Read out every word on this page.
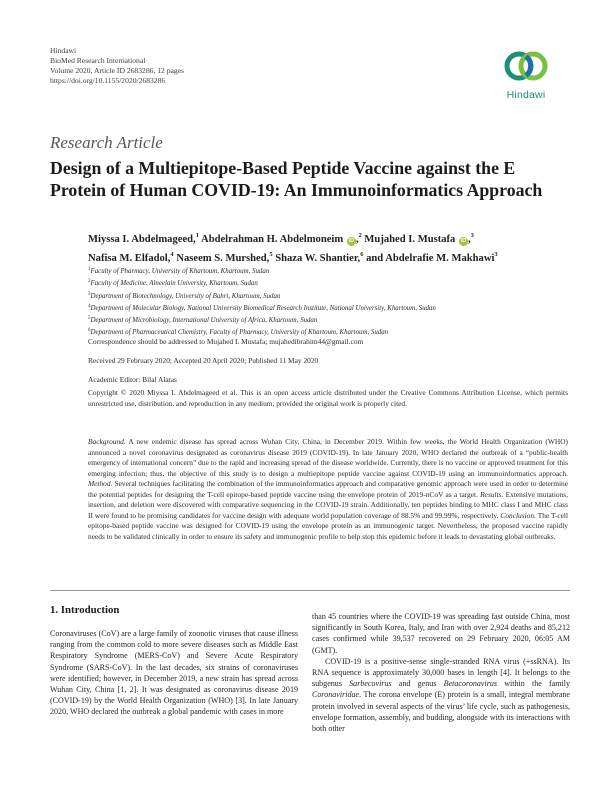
Hindawi
BioMed Research International
Volume 2020, Article ID 2683286, 12 pages
https://doi.org/10.1155/2020/2683286
Hindawi
Research Article
Design of a Multiepitope-Based Peptide Vaccine against the E Protein of Human COVID-19: An Immunoinformatics Approach
Miyssa I. Abdelmageed,$^1$ Abdelrahman H. Abdelmoneim iD ,$^2$ Mujahed I. Mustafa iD ,$^3$
Nafisa M. Elfadol,$^4$ Naseem S. Murshed,$^5$ Shaza W. Shantier,$^6$ and Abdelrafie M. Makhawi$^3$
$^1$Faculty of Pharmacy, University of Khartoum, Khartoum, Sudan
$^2$Faculty of Medicine, Alneelain University, Khartoum, Sudan
$^3$Department of Biotechnology, University of Bahri, Khartoum, Sudan
$^4$Department of Molecular Biology, National University Biomedical Research Institute, National University, Khartoum, Sudan
$^5$Department of Microbiology, International University of Africa, Khartoum, Sudan
$^6$Department of Pharmaceutical Chemistry, Faculty of Pharmacy, University of Khartoum, Khartoum, Sudan
Correspondence should be addressed to Mujahed I. Mustafa; mujahedibrahim44@gmail.com
Received 29 February 2020; Accepted 20 April 2020; Published 11 May 2020
Academic Editor: Bilal Alatas
Copyright © 2020 Miyssa I. Abdelmageed et al. This is an open access article distributed under the Creative Commons Attribution License, which permits unrestricted use, distribution, and reproduction in any medium, provided the original work is properly cited.
Background. A new endemic disease has spread across Wuhan City, China, in December 2019. Within few weeks, the World Health Organization (WHO) announced a novel coronavirus designated as coronavirus disease 2019 (COVID-19). In late January 2020, WHO declared the outbreak of a “public-health emergency of international concern” due to the rapid and increasing spread of the disease worldwide. Currently, there is no vaccine or approved treatment for this emerging infection; thus, the objective of this study is to design a multiepitope peptide vaccine against COVID-19 using an immunoinformatics approach. Method. Several techniques facilitating the combination of the immunoinformatics approach and comparative genomic approach were used in order to determine the potential peptides for designing the T-cell epitope-based peptide vaccine using the envelope protein of 2019-nCoV as a target. Results. Extensive mutations, insertion, and deletion were discovered with comparative sequencing in the COVID-19 strain. Additionally, ten peptides binding to MHC class I and MHC class II were found to be promising candidates for vaccine design with adequate world population coverage of 88.5% and 99.99%, respectively. Conclusion. The T-cell epitope-based peptide vaccine was designed for COVID-19 using the envelope protein as an immunogenic target. Nevertheless, the proposed vaccine rapidly needs to be validated clinically in order to ensure its safety and immunogenic profile to help stop this epidemic before it leads to devastating global outbreaks.
1. Introduction

Coronaviruses (CoV) are a large family of zoonotic viruses that cause illness ranging from the common cold to more severe diseases such as Middle East Respiratory Syndrome (MERS-CoV) and Severe Acute Respiratory Syndrome (SARS-CoV). In the last decades, six strains of coronaviruses were identified; however, in December 2019, a new strain has spread across Wuhan City, China [1, 2]. It was designated as coronavirus disease 2019 (COVID-19) by the World Health Organization (WHO) [3]. In late January 2020, WHO declared the outbreak a global pandemic with cases in more

than 45 countries where the COVID-19 was spreading fast outside China, most significantly in South Korea, Italy, and Iran with over 2,924 deaths and 85,212 cases confirmed while 39,537 recovered on 29 February 2020, 06:05 AM (GMT).

COVID-19 is a positive-sense single-stranded RNA virus (+ssRNA). Its RNA sequence is approximately 30,000 bases in length [4]. It belongs to the subgenus Sarbecovirus and genus Betacoronavirus within the family Coronaviridae. The corona envelope (E) protein is a small, integral membrane protein involved in several aspects of the virus’ life cycle, such as pathogenesis, envelope formation, assembly, and budding, alongside with its interactions with both other
